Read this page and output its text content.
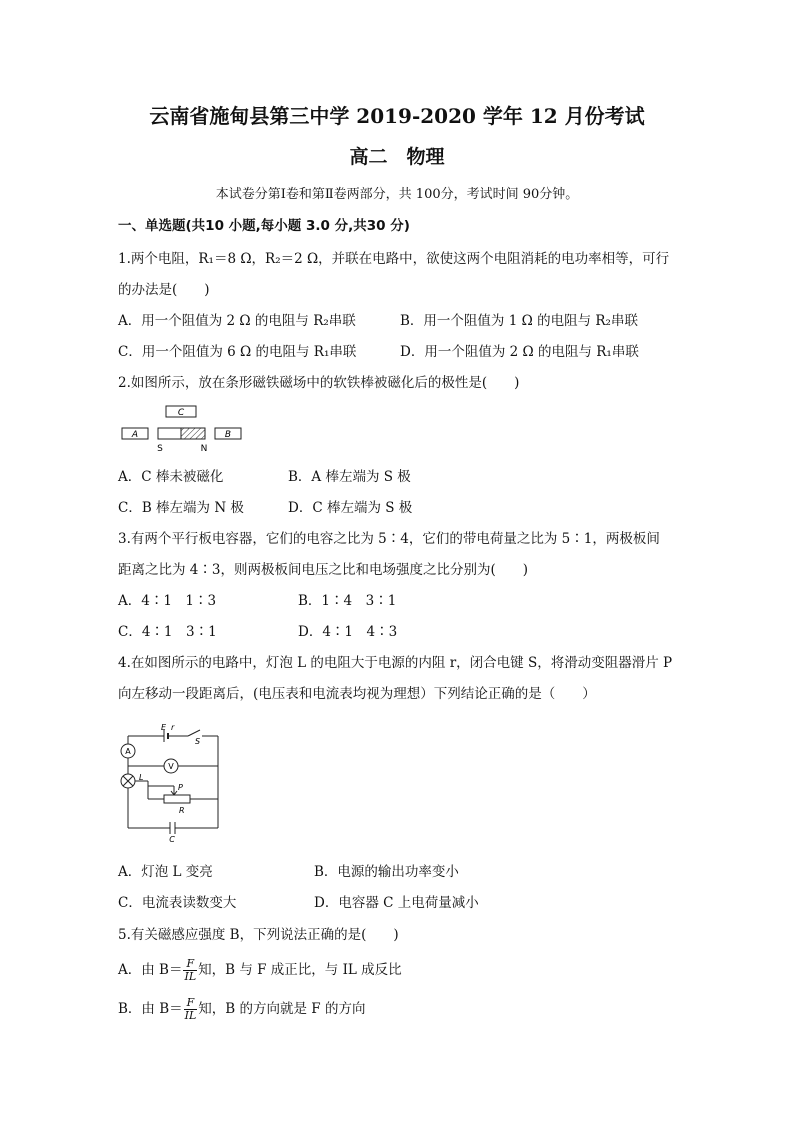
云南省施甸县第三中学 2019-2020 学年 12 月份考试
高二　物理
本试卷分第Ⅰ卷和第Ⅱ卷两部分，共 100分，考试时间 90分钟。
一、单选题(共10 小题,每小题 3.0 分,共30 分)
1.两个电阻，R₁＝8 Ω，R₂＝2 Ω，并联在电路中，欲使这两个电阻消耗的电功率相等，可行
的办法是(　　)
A．用一个阻值为 2 Ω 的电阻与 R₂串联	B．用一个阻值为 1 Ω 的电阻与 R₂串联
C．用一个阻值为 6 Ω 的电阻与 R₁串联	D．用一个阻值为 2 Ω 的电阻与 R₁串联
2.如图所示，放在条形磁铁磁场中的软铁棒被磁化后的极性是(　　)
C
A	B
S	N
A．C 棒未被磁化	B．A 棒左端为 S 极
C．B 棒左端为 N 极	D．C 棒左端为 S 极
3.有两个平行板电容器，它们的电容之比为 5∶4，它们的带电荷量之比为 5∶1，两极板间
距离之比为 4∶3，则两极板间电压之比和电场强度之比分别为(　　)
A．4∶1　1∶3	B．1∶4　3∶1
C．4∶1　3∶1	D．4∶1　4∶3
4.在如图所示的电路中，灯泡 L 的电阻大于电源的内阻 r，闭合电键 S，将滑动变阻器滑片 P
向左移动一段距离后，(电压表和电流表均视为理想）下列结论正确的是（　　）
E r
S
A
V
L
P
R
C
A．灯泡 L 变亮	B．电源的输出功率变小
C．电流表读数变大	D．电容器 C 上电荷量减小
5.有关磁感应强度 B，下列说法正确的是(　　)
A．由 $B= \frac{F}{IL}$ 知，B 与 F 成正比，与 IL 成反比
B．由 $B= \frac{F}{IL}$ 知，B 的方向就是 F 的方向
